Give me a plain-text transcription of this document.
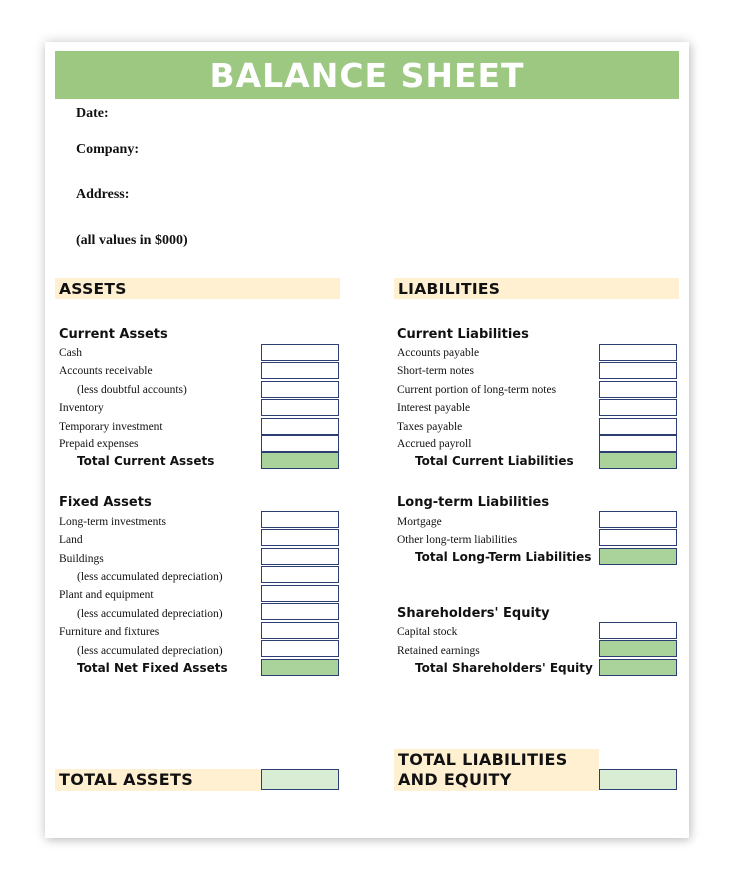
BALANCE SHEET
Date:
Company:
Address:
(all values in $000)
ASSETS
Current Assets
Cash
Accounts receivable
(less doubtful accounts)
Inventory
Temporary investment
Prepaid expenses
Total Current Assets
Fixed Assets
Long-term investments
Land
Buildings
(less accumulated depreciation)
Plant and equipment
(less accumulated depreciation)
Furniture and fixtures
(less accumulated depreciation)
Total Net Fixed Assets
TOTAL ASSETS
LIABILITIES
Current Liabilities
Accounts payable
Short-term notes
Current portion of long-term notes
Interest payable
Taxes payable
Accrued payroll
Total Current Liabilities
Long-term Liabilities
Mortgage
Other long-term liabilities
Total Long-Term Liabilities
Shareholders' Equity
Capital stock
Retained earnings
Total Shareholders' Equity
TOTAL LIABILITIES
AND EQUITY
